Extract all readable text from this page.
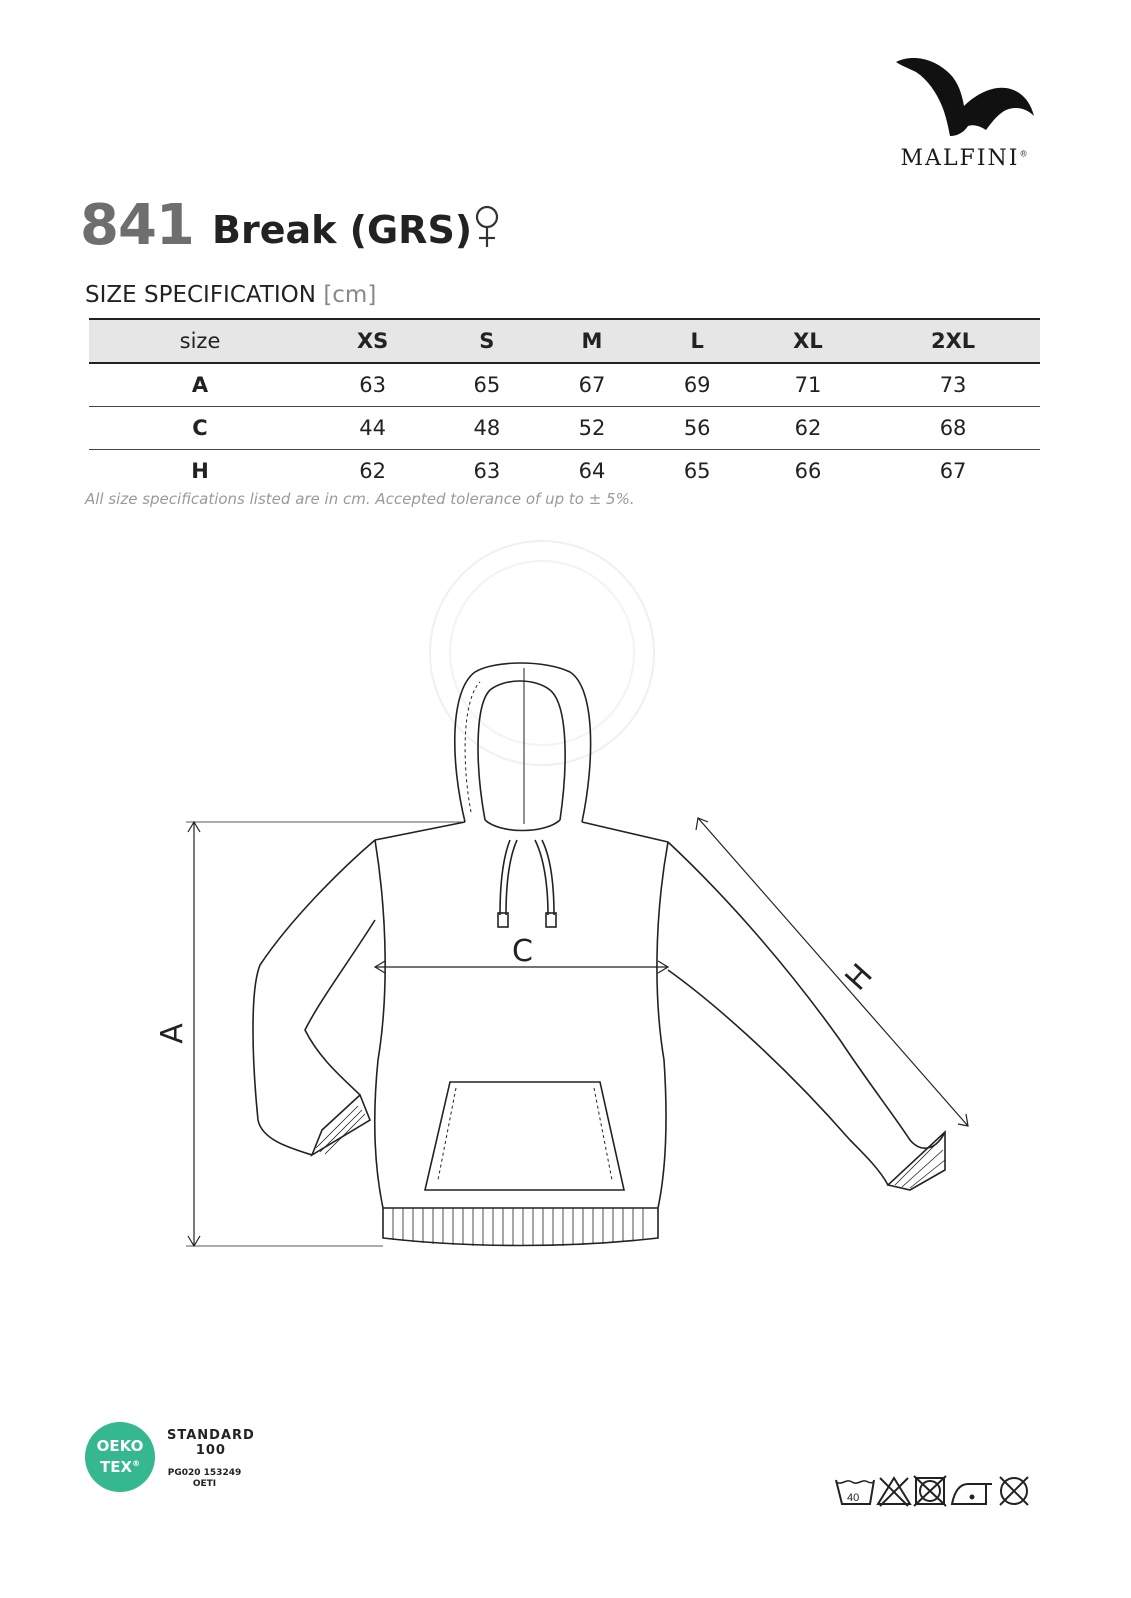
MALFINI®
841 Break (GRS)
SIZE SPECIFICATION [cm]
size	XS	S	M	L	XL	2XL
A	63	65	67	69	71	73
C	44	48	52	56	62	68
H	62	63	64	65	66	67
All size specifications listed are in cm. Accepted tolerance of up to ± 5%.
A
C
H
OEKO
TEX®
STANDARD
100
PG020 153249
OETI
40
